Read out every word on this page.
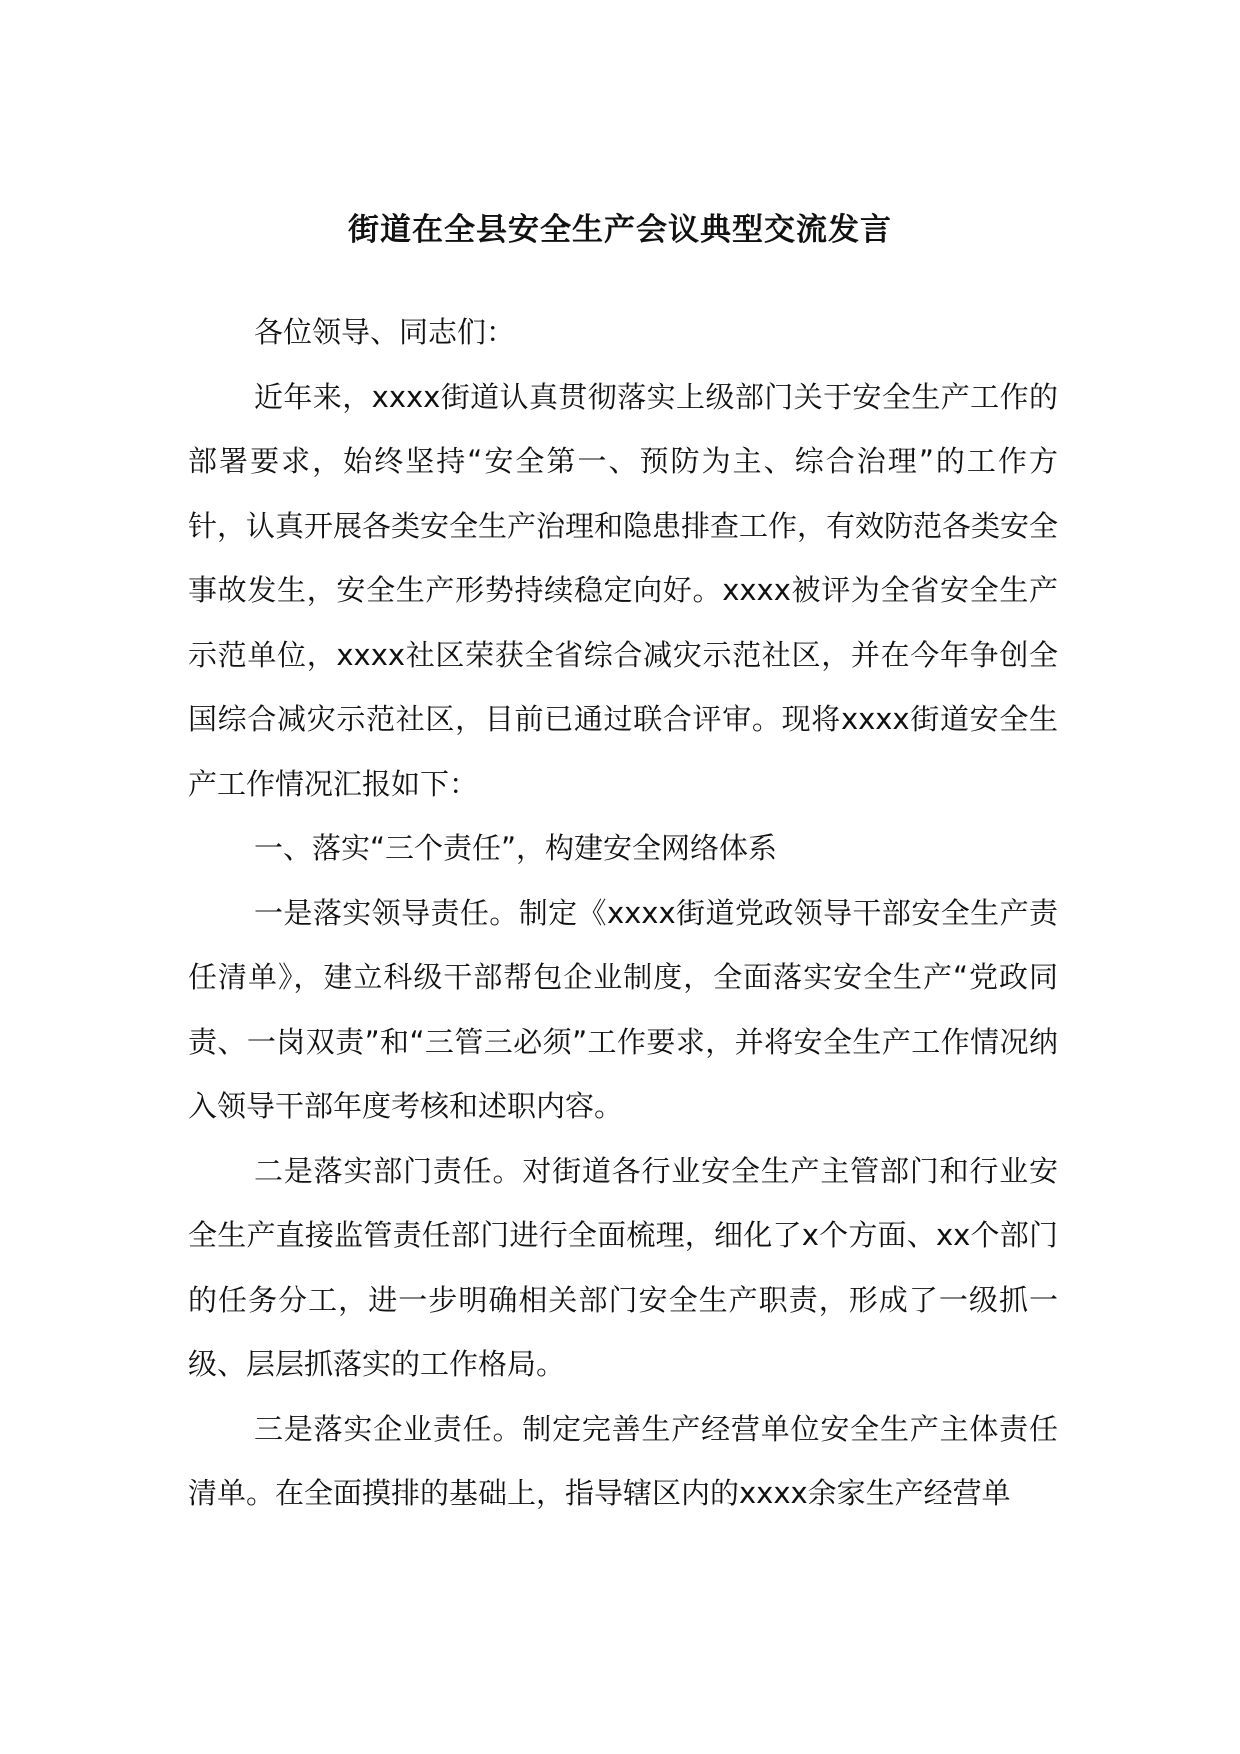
街道在全县安全生产会议典型交流发言

各位领导、同志们：

近年来，xxxx街道认真贯彻落实上级部门关于安全生产工作的部署要求，始终坚持“安全第一、预防为主、综合治理”的工作方针，认真开展各类安全生产治理和隐患排查工作，有效防范各类安全事故发生，安全生产形势持续稳定向好。xxxx被评为全省安全生产示范单位，xxxx社区荣获全省综合减灾示范社区，并在今年争创全国综合减灾示范社区，目前已通过联合评审。现将xxxx街道安全生产工作情况汇报如下：

一、落实“三个责任”，构建安全网络体系

一是落实领导责任。制定《xxxx街道党政领导干部安全生产责任清单》，建立科级干部帮包企业制度，全面落实安全生产“党政同责、一岗双责”和“三管三必须”工作要求，并将安全生产工作情况纳入领导干部年度考核和述职内容。

二是落实部门责任。对街道各行业安全生产主管部门和行业安全生产直接监管责任部门进行全面梳理，细化了x个方面、xx个部门的任务分工，进一步明确相关部门安全生产职责，形成了一级抓一级、层层抓落实的工作格局。

三是落实企业责任。制定完善生产经营单位安全生产主体责任清单。在全面摸排的基础上，指导辖区内的xxxx余家生产经营单
